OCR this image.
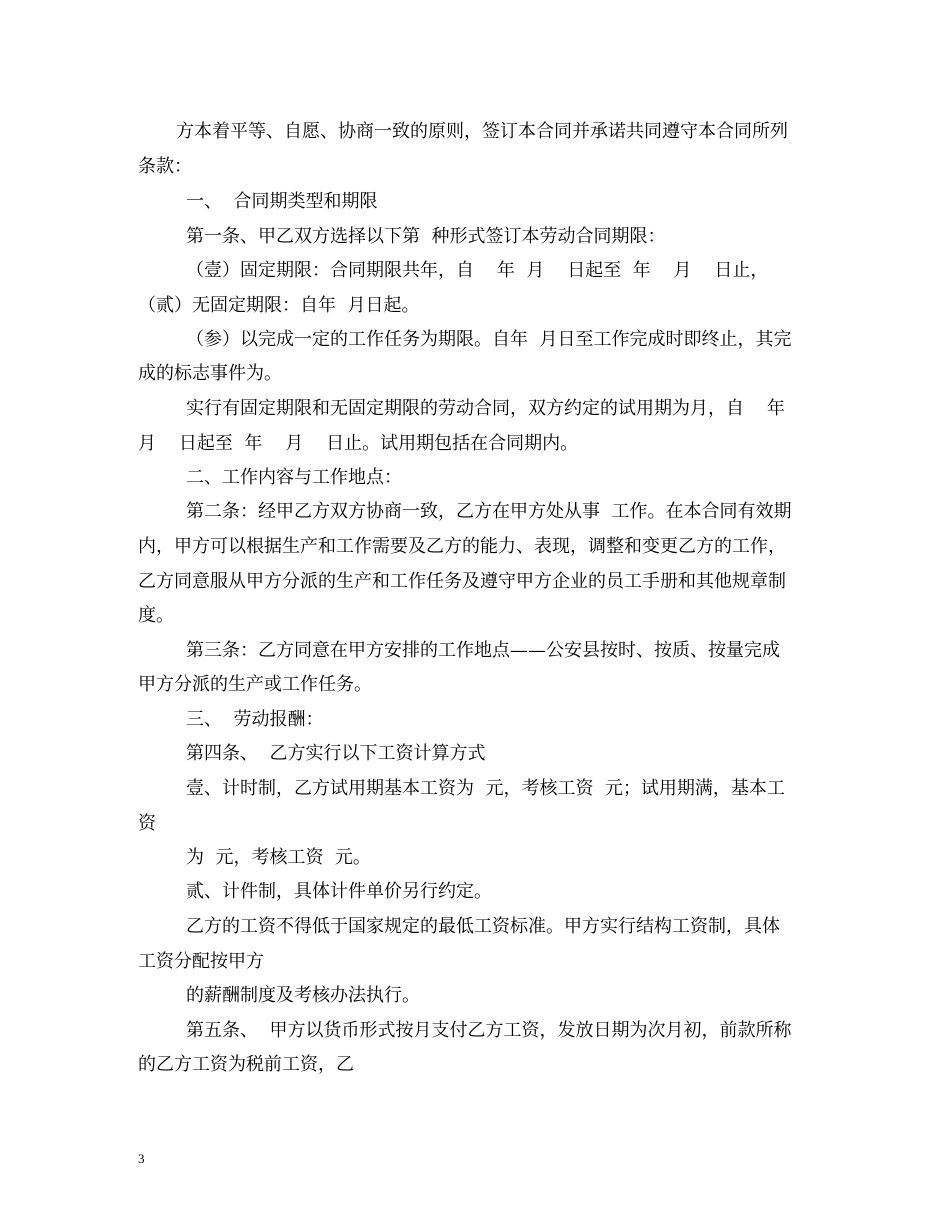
方本着平等、自愿、协商一致的原则，签订本合同并承诺共同遵守本合同所列
条款：
一、  合同期类型和期限
第一条、甲乙双方选择以下第  种形式签订本劳动合同期限：
（壹）固定期限：合同期限共年，自    年  月    日起至  年    月    日止，
（贰）无固定期限：自年  月日起。
（参）以完成一定的工作任务为期限。自年  月日至工作完成时即终止，其完
成的标志事件为。
实行有固定期限和无固定期限的劳动合同，双方约定的试用期为月，自    年
月    日起至  年    月    日止。试用期包括在合同期内。
二、工作内容与工作地点：
第二条：经甲乙方双方协商一致，乙方在甲方处从事  工作。在本合同有效期
内，甲方可以根据生产和工作需要及乙方的能力、表现，调整和变更乙方的工作，
乙方同意服从甲方分派的生产和工作任务及遵守甲方企业的员工手册和其他规章制
度。
第三条：乙方同意在甲方安排的工作地点——公安县按时、按质、按量完成
甲方分派的生产或工作任务。
三、  劳动报酬：
第四条、  乙方实行以下工资计算方式
壹、计时制，乙方试用期基本工资为  元，考核工资  元；试用期满，基本工
资
为  元，考核工资  元。
贰、计件制，具体计件单价另行约定。
乙方的工资不得低于国家规定的最低工资标准。甲方实行结构工资制，具体
工资分配按甲方
的薪酬制度及考核办法执行。
第五条、  甲方以货币形式按月支付乙方工资，发放日期为次月初，前款所称
的乙方工资为税前工资，乙
3
